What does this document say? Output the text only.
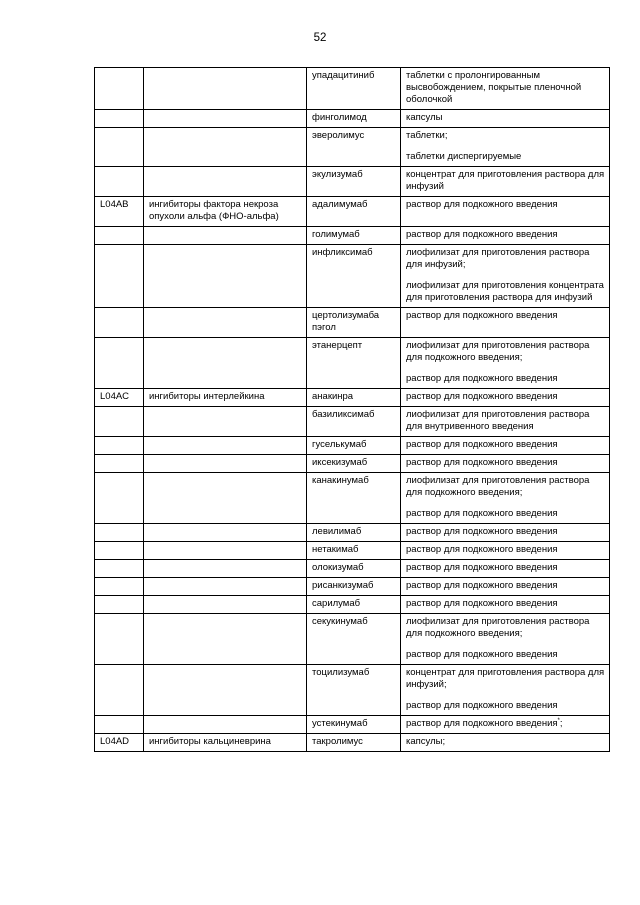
52
		упадацитиниб	таблетки с пролонгированным высвобождением, покрытые пленочной оболочкой

		финголимод	капсулы

		эверолимус	таблетки;
таблетки диспергируемые

		экулизумаб	концентрат для приготовления раствора для инфузий

L04AB	ингибиторы фактора некроза опухоли альфа (ФНО-альфа)	адалимумаб	раствор для подкожного введения

		голимумаб	раствор для подкожного введения

		инфликсимаб	лиофилизат для приготовления раствора для инфузий;
лиофилизат для приготовления концентрата для приготовления раствора для инфузий

		цертолизумаба пэгол	раствор для подкожного введения

		этанерцепт	лиофилизат для приготовления раствора для подкожного введения;
раствор для подкожного введения

L04AC	ингибиторы интерлейкина	анакинра	раствор для подкожного введения

		базиликсимаб	лиофилизат для приготовления раствора для внутривенного введения

		гуселькумаб	раствор для подкожного введения

		иксекизумаб	раствор для подкожного введения

		канакинумаб	лиофилизат для приготовления раствора для подкожного введения;
раствор для подкожного введения

		левилимаб	раствор для подкожного введения

		нетакимаб	раствор для подкожного введения

		олокизумаб	раствор для подкожного введения

		рисанкизумаб	раствор для подкожного введения

		сарилумаб	раствор для подкожного введения

		секукинумаб	лиофилизат для приготовления раствора для подкожного введения;
раствор для подкожного введения

		тоцилизумаб	концентрат для приготовления раствора для инфузий;
раствор для подкожного введения

		устекинумаб	раствор для подкожного введения*;

L04AD	ингибиторы кальциневрина	такролимус	капсулы;
